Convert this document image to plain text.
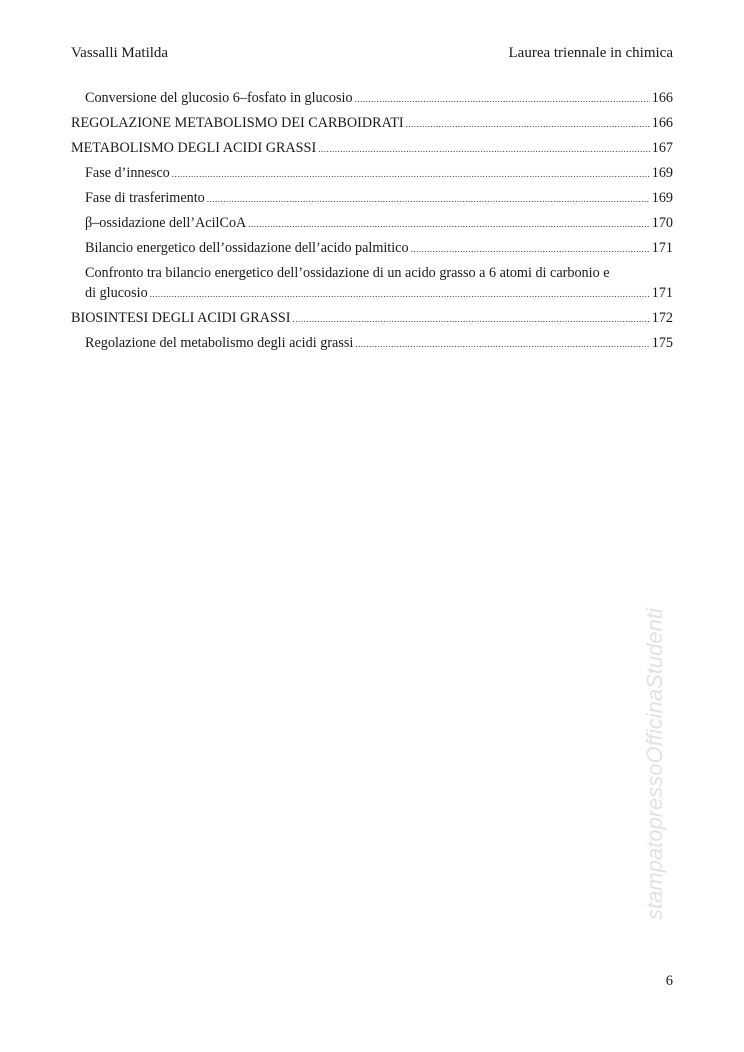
Vassalli Matilda	Laurea triennale in chimica
Conversione del glucosio 6–fosfato in glucosio .....	166
REGOLAZIONE METABOLISMO DEI CARBOIDRATI .....	166
METABOLISMO DEGLI ACIDI GRASSI .....	167
Fase d’innesco .....	169
Fase di trasferimento .....	169
β–ossidazione dell’AcilCoA .....	170
Bilancio energetico dell’ossidazione dell’acido palmitico .....	171
Confronto tra bilancio energetico dell’ossidazione di un acido grasso a 6 atomi di carbonio e
di glucosio .....	171
BIOSINTESI DEGLI ACIDI GRASSI .....	172
Regolazione del metabolismo degli acidi grassi .....	175
stampatopressoOfficinaStudenti
6
